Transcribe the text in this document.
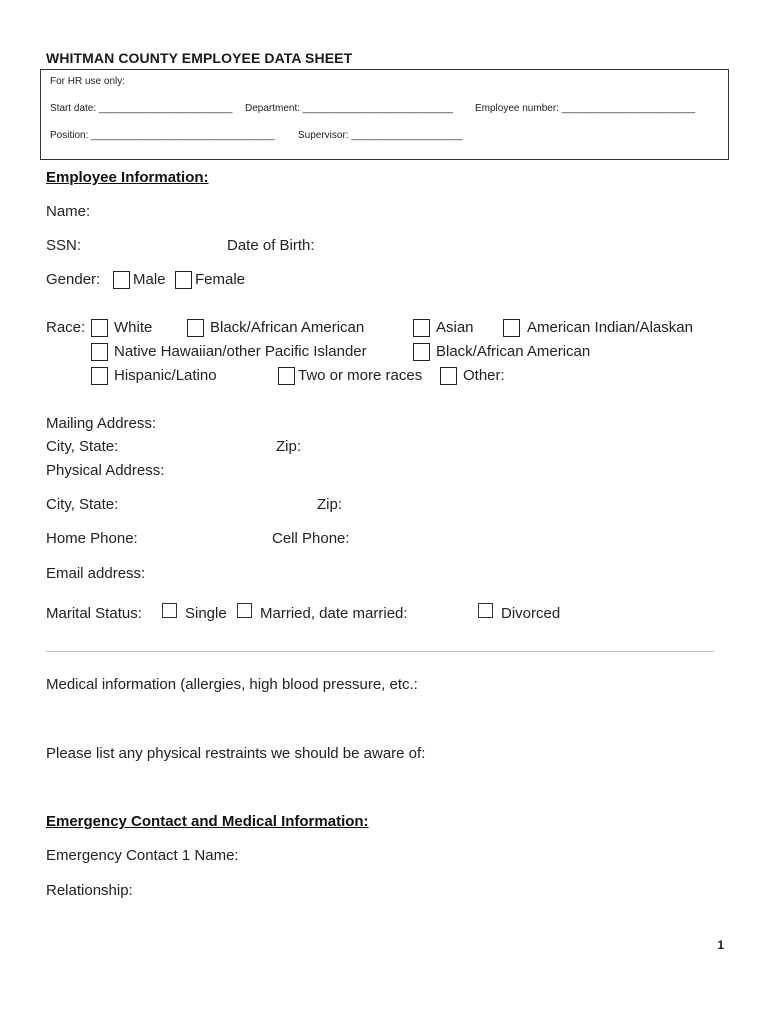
WHITMAN COUNTY EMPLOYEE DATA SHEET
For HR use only:
Start date: ________________________ Department: ___________________________ Employee number: ________________________
Position: _________________________________ Supervisor: ____________________
Employee Information:
Name:
SSN:	Date of Birth:
Gender: Male Female
Race: White	Black/African American	Asian	American Indian/Alaskan
Native Hawaiian/other Pacific Islander	Black/African American
Hispanic/Latino	Two or more races	Other:
Mailing Address:
City, State:	Zip:
Physical Address:
City, State:	Zip:
Home Phone:	Cell Phone:
Email address:
Marital Status:	Single Married, date married:	Divorced
Medical information (allergies, high blood pressure, etc.:
Please list any physical restraints we should be aware of:
Emergency Contact and Medical Information:
Emergency Contact 1 Name:
Relationship:
1
